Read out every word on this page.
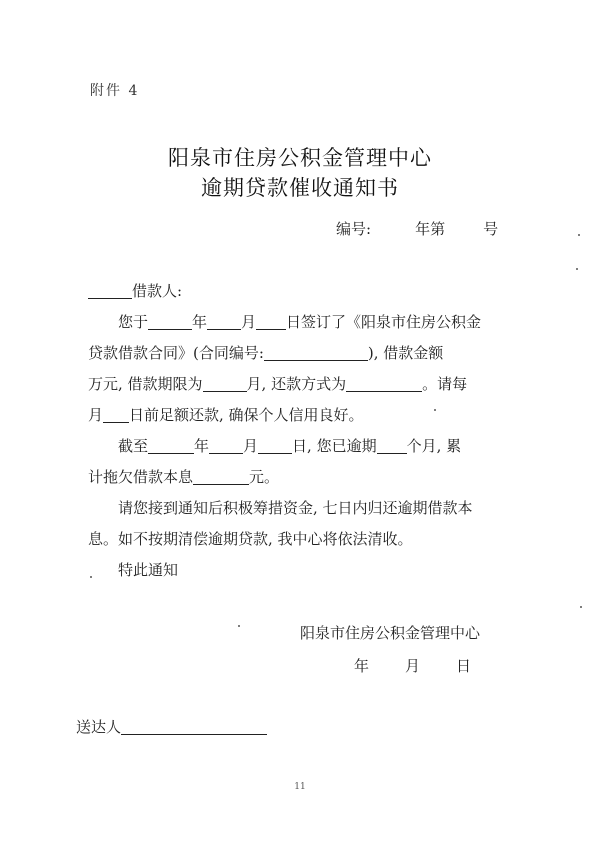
附件 4
阳泉市住房公积金管理中心
逾期贷款催收通知书
编号:	年第	号
借款人:
您于	年 月 日签订了《阳泉市住房公积金
贷款借款合同》(合同编号:	), 借款金额
万元, 借款期限为	月, 还款方式为	。请每
月 日前足额还款, 确保个人信用良好。
截至	年 月 日, 您已逾期 个月, 累
计拖欠借款本息	元。
请您接到通知后积极筹措资金, 七日内归还逾期借款本
息。如不按期清偿逾期贷款, 我中心将依法清收。
特此通知
阳泉市住房公积金管理中心
年 月 日
送达人
11
